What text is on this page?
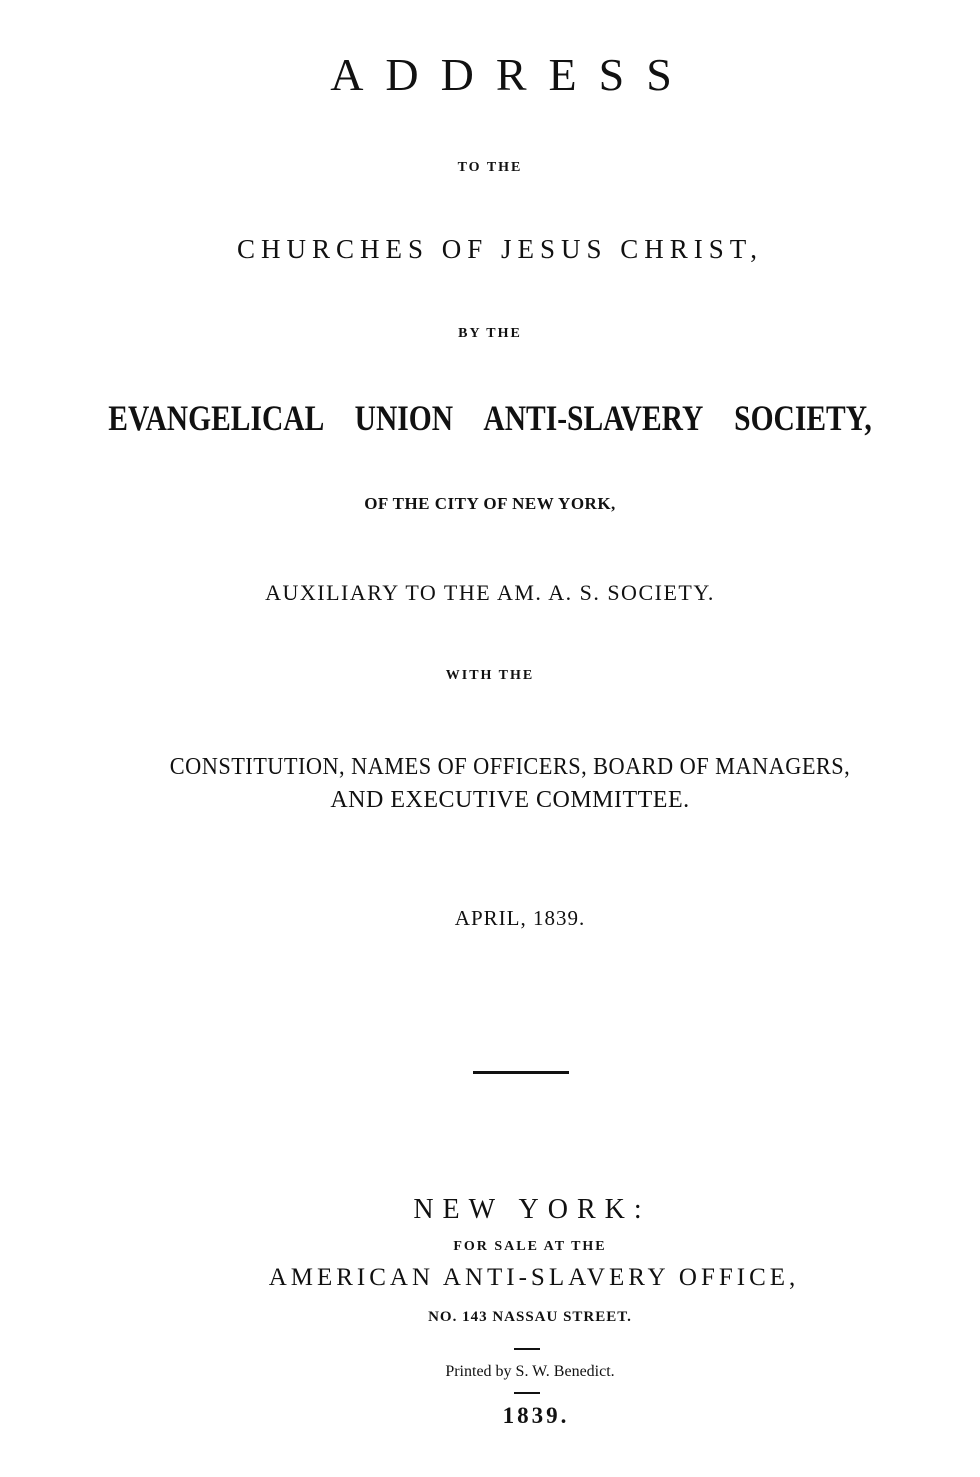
ADDRESS
TO THE
CHURCHES OF JESUS CHRIST,
BY THE
EVANGELICAL UNION ANTI-SLAVERY SOCIETY,
OF THE CITY OF NEW YORK,
AUXILIARY TO THE AM. A. S. SOCIETY.
WITH THE
CONSTITUTION, NAMES OF OFFICERS, BOARD OF MANAGERS,
AND EXECUTIVE COMMITTEE.
APRIL, 1839.
NEW YORK:
FOR SALE AT THE
AMERICAN ANTI-SLAVERY OFFICE,
NO. 143 NASSAU STREET.
Printed by S. W. Benedict.
1839.
